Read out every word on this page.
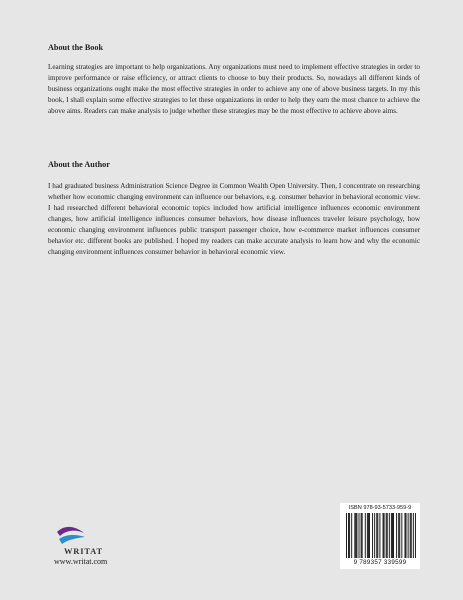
About the Book

Learning strategies are important to help organizations. Any organizations must need to implement effective strategies in order to improve performance or raise efficiency, or attract clients to choose to buy their products. So, nowadays all different kinds of business organizations ought make the most effective strategies in order to achieve any one of above business targets. In my this book, I shall explain some effective strategies to let these organizations in order to help they earn the most chance to achieve the above aims. Readers can make analysis to judge whether these strategies may be the most effective to achieve above aims.

About the Author

I had graduated business Administration Science Degree in Common Wealth Open University. Then, I concentrate on researching whether how economic changing environment can influence our behaviors, e.g. consumer behavior in behavioral economic view. I had researched different behavioral economic topics included how artificial intelligence influences economic environment changes, how artificial intelligence influences consumer behaviors, how disease influences traveler leisure psychology, how economic changing environment influences public transport passenger choice, how e-commerce market influences consumer behavior etc. different books are published. I hoped my readers can make accurate analysis to learn how and why the economic changing environment influences consumer behavior in behavioral economic view.

WRITAT
www.writat.com
ISBN 978-93-5733-959-9
9 789357 339599
